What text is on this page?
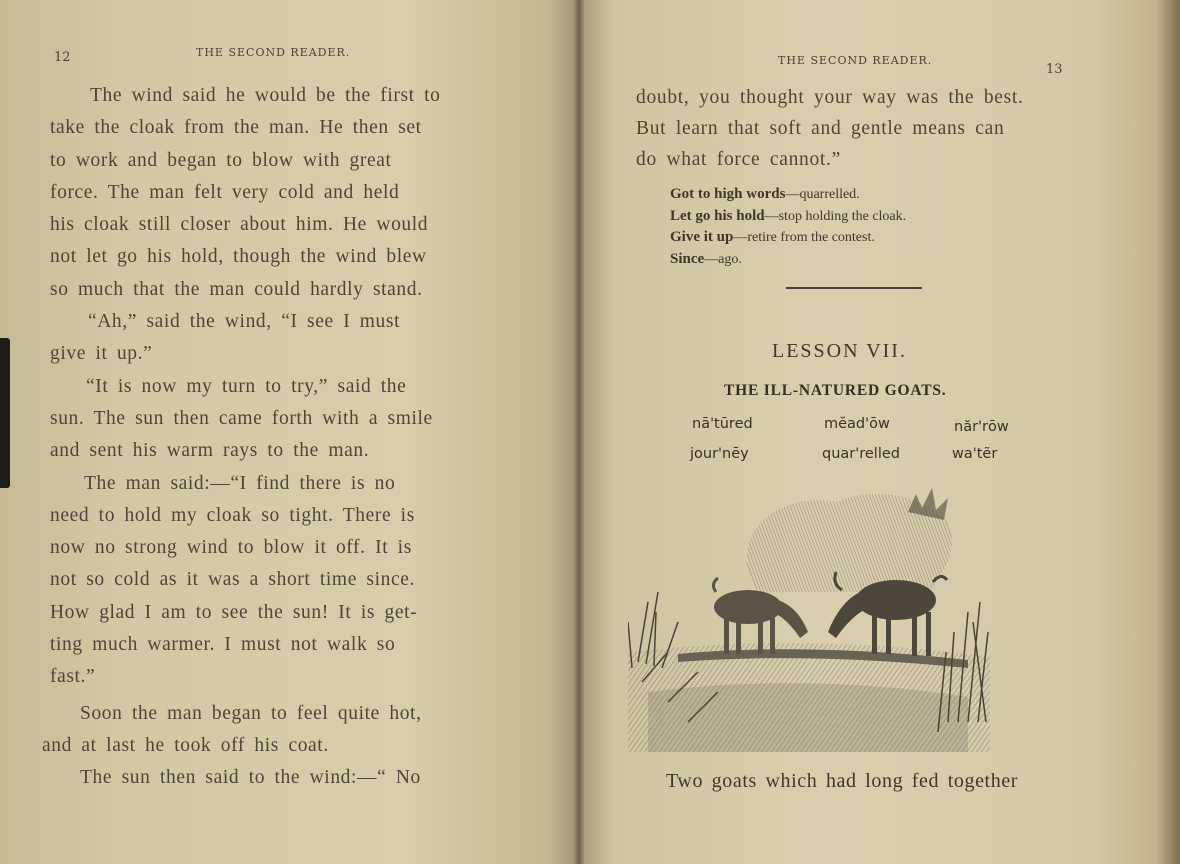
12	THE SECOND READER.
The wind said he would be the first to
take the cloak from the man. He then set
to work and began to blow with great
force. The man felt very cold and held
his cloak still closer about him. He would
not let go his hold, though the wind blew
so much that the man could hardly stand.
“Ah,” said the wind, “I see I must
give it up.”
“It is now my turn to try,” said the
sun. The sun then came forth with a smile
and sent his warm rays to the man.
The man said:—“I find there is no
need to hold my cloak so tight. There is
now no strong wind to blow it off. It is
not so cold as it was a short time since.
How glad I am to see the sun! It is get-
ting much warmer. I must not walk so
fast.”
Soon the man began to feel quite hot,
and at last he took off his coat.
The sun then said to the wind:—“ No
THE SECOND READER.
13
doubt, you thought your way was the best.
But learn that soft and gentle means can
do what force cannot.”
Got to high words—quarrelled.
Let go his hold—stop holding the cloak.
Give it up—retire from the contest.
Since—ago.
LESSON VII.
THE ILL-NATURED GOATS.
nā'tūred	mĕad'ōw	năr'rōw
jour'nēy	quar'relled	wa'tẽr
Two goats which had long fed together
